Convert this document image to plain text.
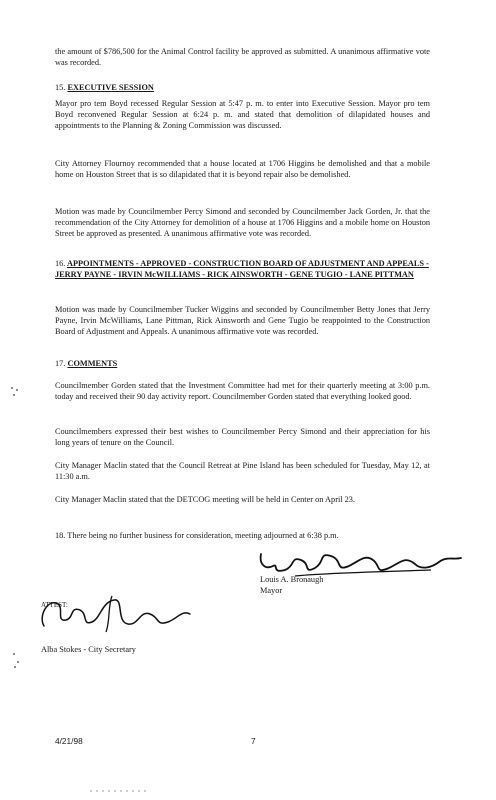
the amount of $786,500 for the Animal Control facility be approved as submitted. A unanimous affirmative vote was recorded.

15. EXECUTIVE SESSION

Mayor pro tem Boyd recessed Regular Session at 5:47 p. m. to enter into Executive Session. Mayor pro tem Boyd reconvened Regular Session at 6:24 p. m. and stated that demolition of dilapidated houses and appointments to the Planning & Zoning Commission was discussed.

City Attorney Flournoy recommended that a house located at 1706 Higgins be demolished and that a mobile home on Houston Street that is so dilapidated that it is beyond repair also be demolished.

Motion was made by Councilmember Percy Simond and seconded by Councilmember Jack Gorden, Jr. that the recommendation of the City Attorney for demolition of a house at 1706 Higgins and a mobile home on Houston Street be approved as presented. A unanimous affirmative vote was recorded.

16. APPOINTMENTS - APPROVED - CONSTRUCTION BOARD OF ADJUSTMENT AND APPEALS - JERRY PAYNE - IRVIN McWILLIAMS - RICK AINSWORTH - GENE TUGIO - LANE PITTMAN

Motion was made by Councilmember Tucker Wiggins and seconded by Councilmember Betty Jones that Jerry Payne, Irvin McWilliams, Lane Pittman, Rick Ainsworth and Gene Tugio be reappointed to the Construction Board of Adjustment and Appeals. A unanimous affirmative vote was recorded.

17. COMMENTS

Councilmember Gorden stated that the Investment Committee had met for their quarterly meeting at 3:00 p.m. today and received their 90 day activity report. Councilmember Gorden stated that everything looked good.

Councilmembers expressed their best wishes to Councilmember Percy Simond and their appreciation for his long years of tenure on the Council.

City Manager Maclin stated that the Council Retreat at Pine Island has been scheduled for Tuesday, May 12, at 11:30 a.m.

City Manager Maclin stated that the DETCOG meeting will be held in Center on April 23.

18. There being no further business for consideration, meeting adjourned at 6:38 p.m.

Louis A. Bronaugh
Mayor
ATTEST:
Alba Stokes - City Secretary
4/21/98	7
